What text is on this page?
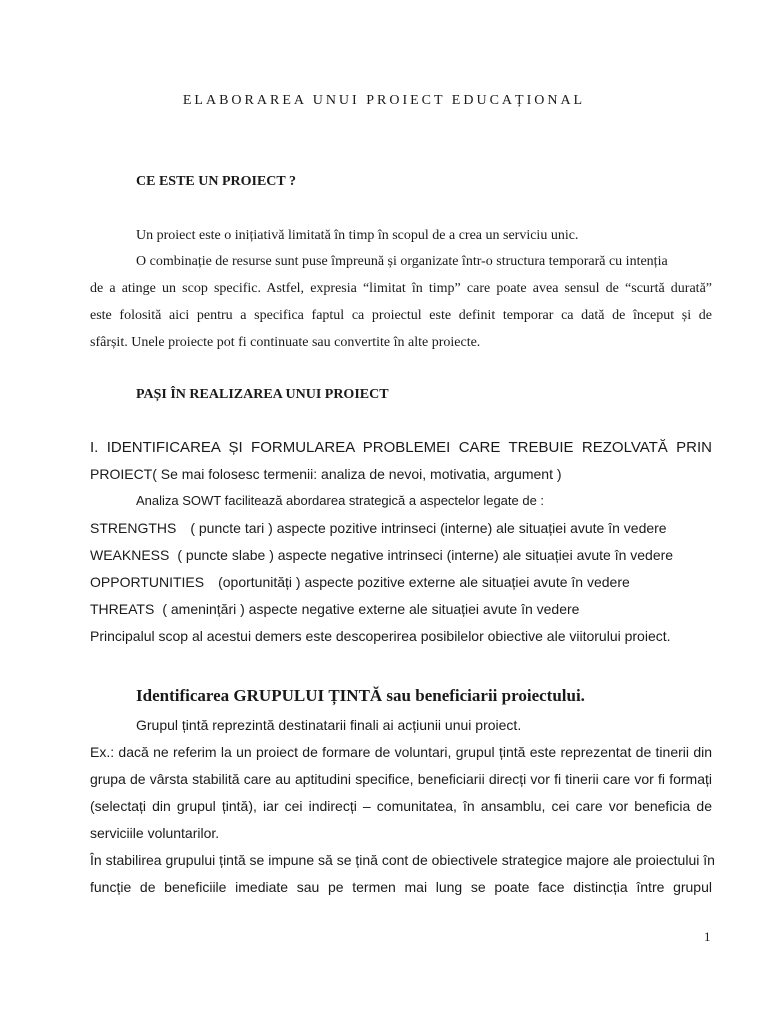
ELABORAREA UNUI PROIECT EDUCAȚIONAL
CE ESTE UN PROIECT ?
Un proiect este o inițiativă limitată în timp în scopul de a crea un serviciu unic.
O combinație de resurse sunt puse împreună și organizate într-o structura temporară cu intenția
de a atinge un scop specific. Astfel, expresia “limitat în timp” care poate avea sensul de “scurtă durată”
este folosită aici pentru a specifica faptul ca proiectul este definit temporar ca dată de început și de
sfârșit. Unele proiecte pot fi continuate sau convertite în alte proiecte.
PAȘI ÎN REALIZAREA UNUI PROIECT
I. IDENTIFICAREA ȘI FORMULAREA PROBLEMEI CARE TREBUIE REZOLVATĂ PRIN
PROIECT( Se mai folosesc termenii: analiza de nevoi, motivatia, argument )
Analiza SOWT facilitează abordarea strategică a aspectelor legate de :
STRENGTHS ( puncte tari ) aspecte pozitive intrinseci (interne) ale situației avute în vedere
WEAKNESS ( puncte slabe ) aspecte negative intrinseci (interne) ale situației avute în vedere
OPPORTUNITIES (oportunități ) aspecte pozitive externe ale situației avute în vedere
THREATS ( amenințări ) aspecte negative externe ale situației avute în vedere
Principalul scop al acestui demers este descoperirea posibilelor obiective ale viitorului proiect.
Identificarea GRUPULUI ȚINTĂ sau beneficiarii proiectului.
Grupul țintă reprezintă destinatarii finali ai acțiunii unui proiect.
Ex.: dacă ne referim la un proiect de formare de voluntari, grupul țintă este reprezentat de tinerii din
grupa de vârsta stabilită care au aptitudini specifice, beneficiarii direcți vor fi tinerii care vor fi formați
(selectați din grupul țintă), iar cei indirecți – comunitatea, în ansamblu, cei care vor beneficia de
serviciile voluntarilor.
În stabilirea grupului țintă se impune să se țină cont de obiectivele strategice majore ale proiectului în
funcție de beneficiile imediate sau pe termen mai lung se poate face distincția între grupul
1
